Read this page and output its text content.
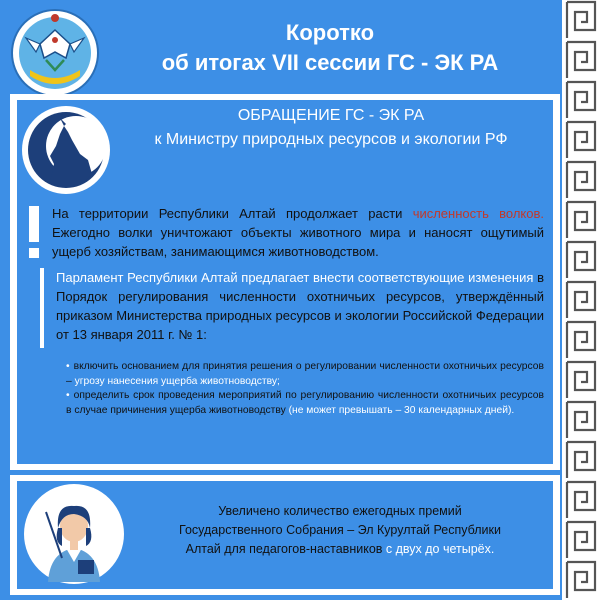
Коротко
об итогах VII сессии ГС - ЭК РА
ОБРАЩЕНИЕ ГС - ЭК РА
к Министру природных ресурсов и экологии РФ
На территории Республики Алтай продолжает расти численность волков. Ежегодно волки уничтожают объекты животного мира и наносят ощутимый ущерб хозяйствам, занимающимся животноводством.
Парламент Республики Алтай предлагает внести соответствующие изменения в Порядок регулирования численности охотничьих ресурсов, утверждённый приказом Министерства природных ресурсов и экологии Российской Федерации от 13 января 2011 г. № 1:
• включить основанием для принятия решения о регулировании численности охотничьих ресурсов – угрозу нанесения ущерба животноводству;
• определить срок проведения мероприятий по регулированию численности охотничьих ресурсов в случае причинения ущерба животноводству (не может превышать – 30 календарных дней).
Увеличено количество ежегодных премий
Государственного Собрания – Эл Курултай Республики
Алтай для педагогов-наставников с двух до четырёх.
